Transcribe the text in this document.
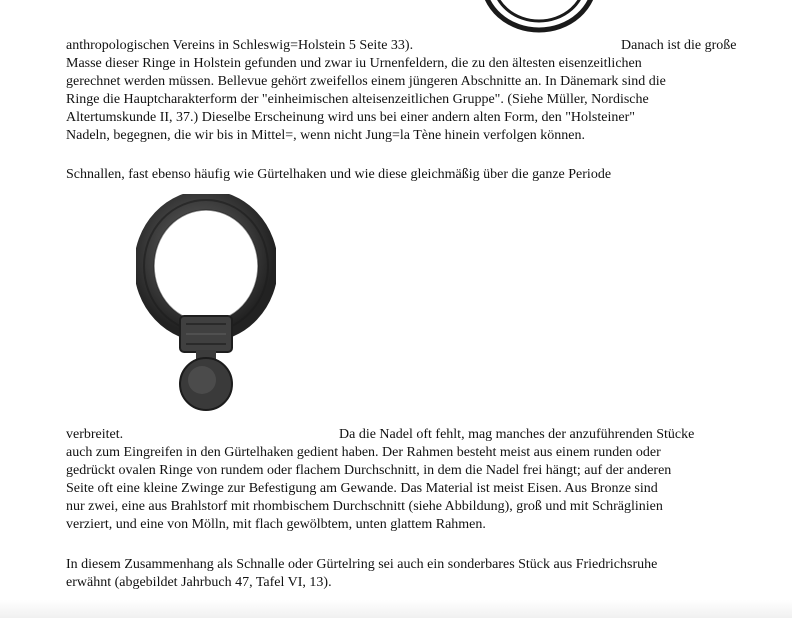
anthropologischen Vereins in Schleswig=Holstein 5 Seite 33).	Danach ist die große
Masse dieser Ringe in Holstein gefunden und zwar iu Urnenfeldern, die zu den ältesten eisenzeitlichen
gerechnet werden müssen. Bellevue gehört zweifellos einem jüngeren Abschnitte an. In Dänemark sind die
Ringe die Hauptcharakterform der "einheimischen alteisenzeitlichen Gruppe". (Siehe Müller, Nordische
Altertumskunde II, 37.) Dieselbe Erscheinung wird uns bei einer andern alten Form, den "Holsteiner"
Nadeln, begegnen, die wir bis in Mittel=, wenn nicht Jung=la Tène hinein verfolgen können.
Schnallen, fast ebenso häufig wie Gürtelhaken und wie diese gleichmäßig über die ganze Periode
verbreitet.	Da die Nadel oft fehlt, mag manches der anzuführenden Stücke
auch zum Eingreifen in den Gürtelhaken gedient haben. Der Rahmen besteht meist aus einem runden oder
gedrückt ovalen Ringe von rundem oder flachem Durchschnitt, in dem die Nadel frei hängt; auf der anderen
Seite oft eine kleine Zwinge zur Befestigung am Gewande. Das Material ist meist Eisen. Aus Bronze sind
nur zwei, eine aus Brahlstorf mit rhombischem Durchschnitt (siehe Abbildung), groß und mit Schräglinien
verziert, und eine von Mölln, mit flach gewölbtem, unten glattem Rahmen.
In diesem Zusammenhang als Schnalle oder Gürtelring sei auch ein sonderbares Stück aus Friedrichsruhe
erwähnt (abgebildet Jahrbuch 47, Tafel VI, 13).
